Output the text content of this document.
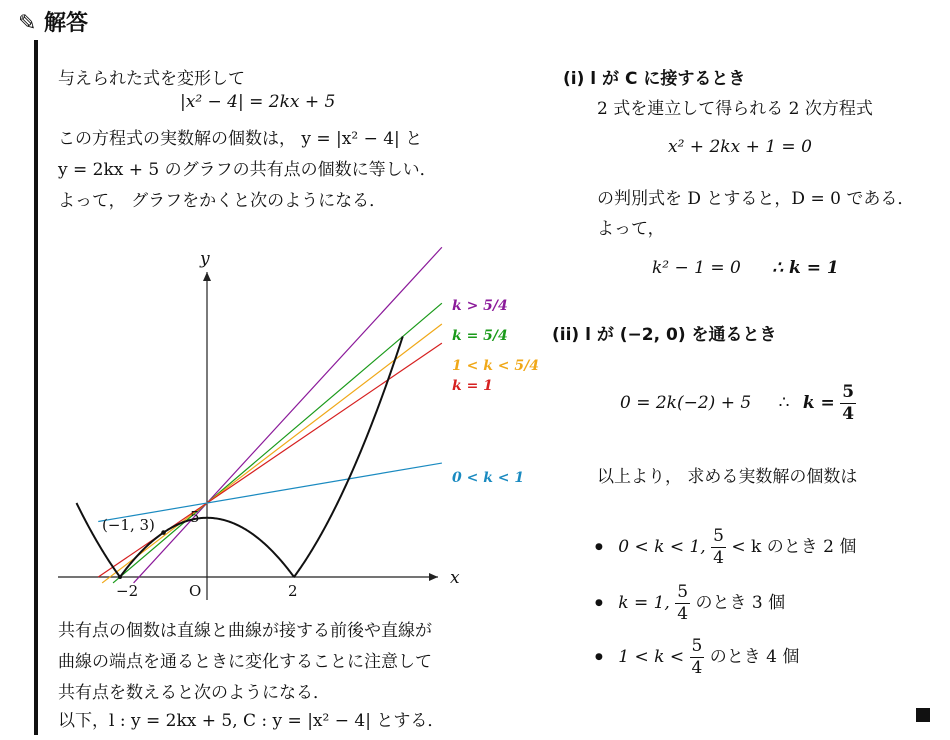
✎ 解答
与えられた式を変形して
|x² − 4| = 2kx + 5
この方程式の実数解の個数は， y = |x² − 4| と
y = 2kx + 5 のグラフの共有点の個数に等しい．
よって， グラフをかくと次のようになる．
x
y
O
−2	2
5
(−1, 3)
k > 5/4
k = 5/4
1 < k < 5/4
k = 1
0 < k < 1
共有点の個数は直線と曲線が接する前後や直線が
曲線の端点を通るときに変化することに注意して
共有点を数えると次のようになる．
以下，l : y = 2kx + 5, C : y = |x² − 4| とする．
(i) l が C に接するとき
2 式を連立して得られる 2 次方程式
x² + 2kx + 1 = 0
の判別式を D とすると，D = 0 である．
よって，
k² − 1 = 0 ∴ k = 1
(ii) l が (−2, 0) を通るとき
0 = 2k(−2) + 5 ∴ $k = \frac{5}{4}$
以上より， 求める実数解の個数は
● 0 < k < 1, $\frac{5}{4} < k$ のとき 2 個
● k = 1, $\frac{5}{4}$ のとき 3 個
● $1 < k < \frac{5}{4}$ のとき 4 個
